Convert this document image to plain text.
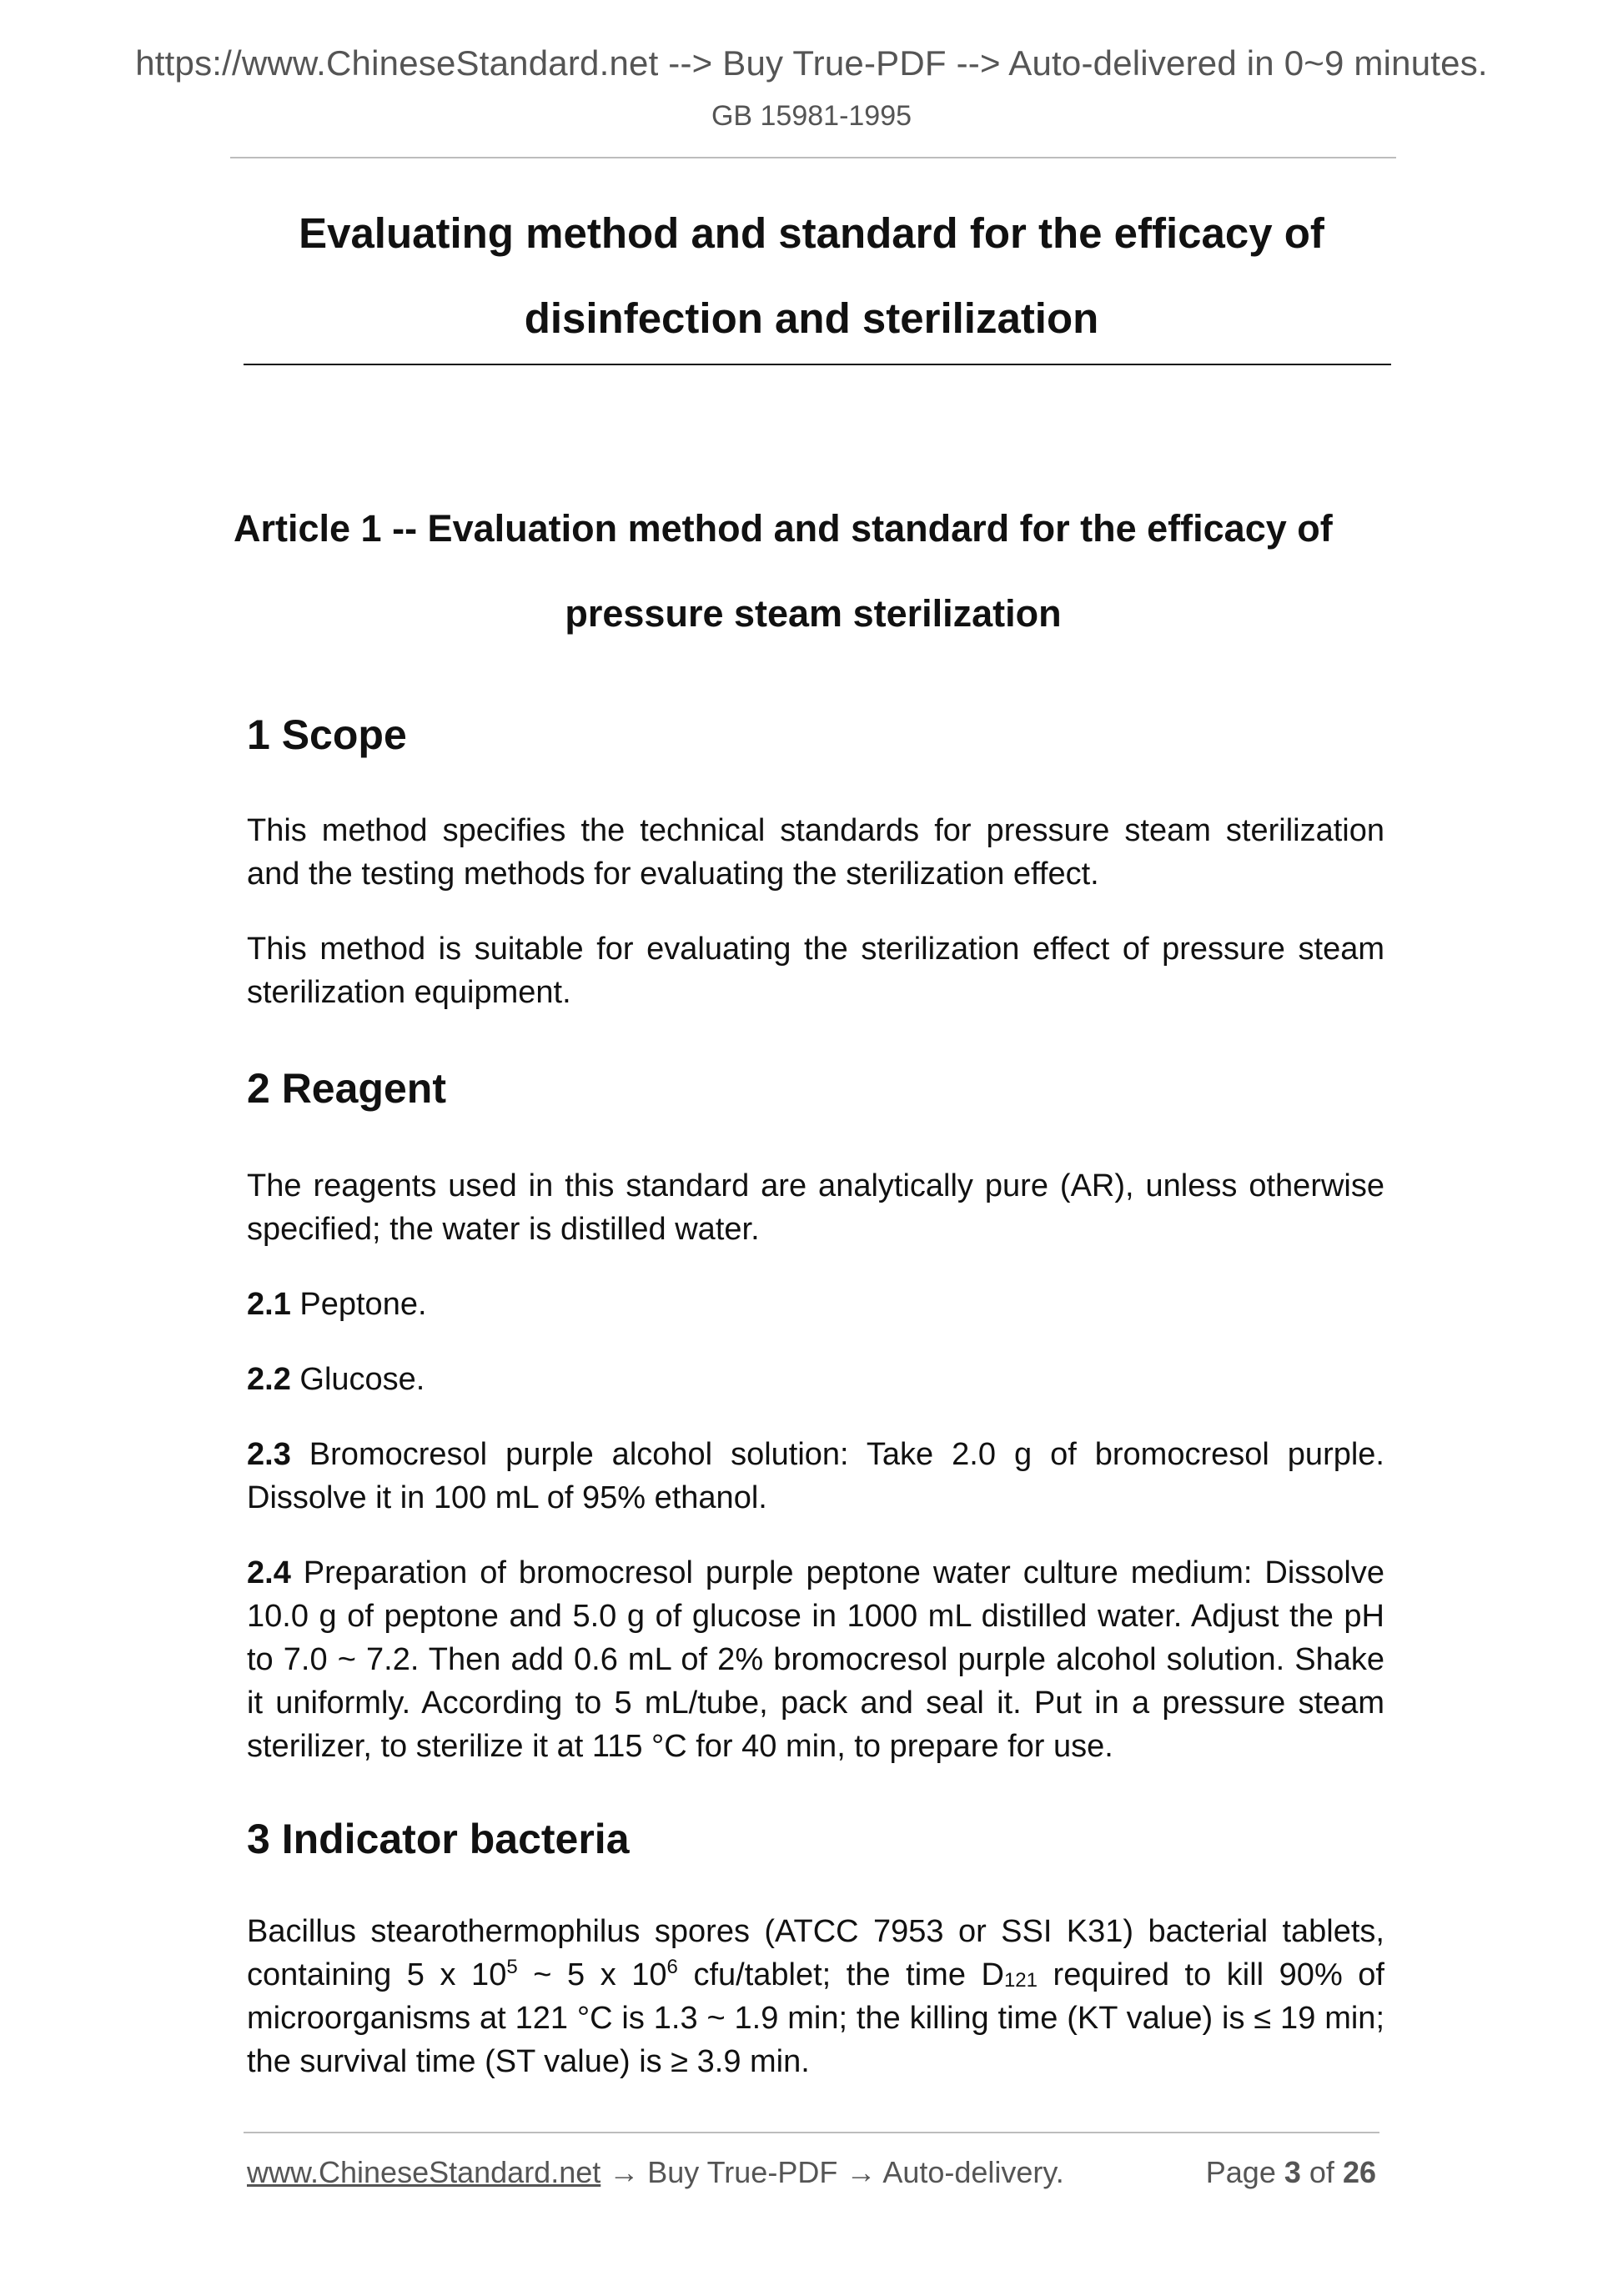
https://www.ChineseStandard.net --> Buy True-PDF --> Auto-delivered in 0~9 minutes.
GB 15981-1995
Evaluating method and standard for the efficacy of
disinfection and sterilization
Article 1 -- Evaluation method and standard for the efficacy of
pressure steam sterilization
1 Scope
This method specifies the technical standards for pressure steam sterilization and the testing methods for evaluating the sterilization effect.
This method is suitable for evaluating the sterilization effect of pressure steam sterilization equipment.
2 Reagent
The reagents used in this standard are analytically pure (AR), unless otherwise specified; the water is distilled water.
2.1 Peptone.
2.2 Glucose.
2.3 Bromocresol purple alcohol solution: Take 2.0 g of bromocresol purple. Dissolve it in 100 mL of 95% ethanol.
2.4 Preparation of bromocresol purple peptone water culture medium: Dissolve 10.0 g of peptone and 5.0 g of glucose in 1000 mL distilled water. Adjust the pH to 7.0 ~ 7.2. Then add 0.6 mL of 2% bromocresol purple alcohol solution. Shake it uniformly. According to 5 mL/tube, pack and seal it. Put in a pressure steam sterilizer, to sterilize it at 115 °C for 40 min, to prepare for use.
3 Indicator bacteria
Bacillus stearothermophilus spores (ATCC 7953 or SSI K31) bacterial tablets, containing 5 x $10^5$ ~ 5 x $10^6$ cfu/tablet; the time $D_{121}$ required to kill 90% of microorganisms at 121 °C is 1.3 ~ 1.9 min; the killing time (KT value) is ≤ 19 min; the survival time (ST value) is ≥ 3.9 min.
www.ChineseStandard.net → Buy True-PDF → Auto-delivery.	Page 3 of 26
